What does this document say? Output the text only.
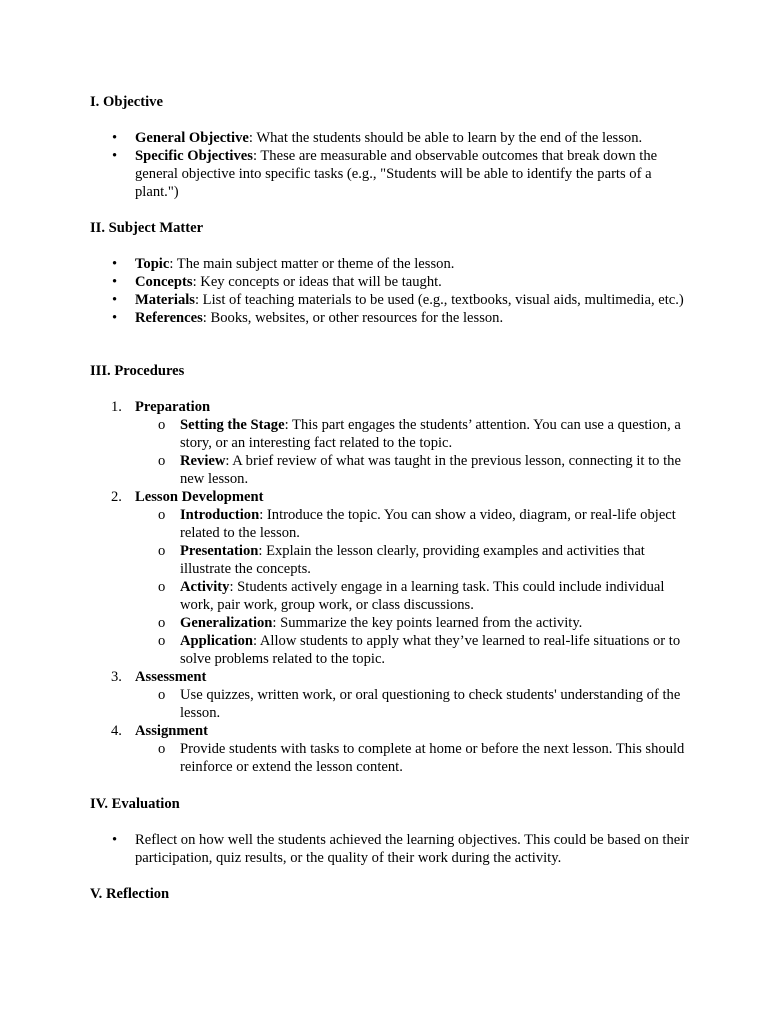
I. Objective
• General Objective: What the students should be able to learn by the end of the lesson.
• Specific Objectives: These are measurable and observable outcomes that break down the general objective into specific tasks (e.g., "Students will be able to identify the parts of a plant.")
II. Subject Matter
• Topic: The main subject matter or theme of the lesson.
• Concepts: Key concepts or ideas that will be taught.
• Materials: List of teaching materials to be used (e.g., textbooks, visual aids, multimedia, etc.)
• References: Books, websites, or other resources for the lesson.
III. Procedures
1. Preparation
o Setting the Stage: This part engages the students’ attention. You can use a question, a story, or an interesting fact related to the topic.
o Review: A brief review of what was taught in the previous lesson, connecting it to the new lesson.
2. Lesson Development
o Introduction: Introduce the topic. You can show a video, diagram, or real-life object related to the lesson.
o Presentation: Explain the lesson clearly, providing examples and activities that illustrate the concepts.
o Activity: Students actively engage in a learning task. This could include individual work, pair work, group work, or class discussions.
o Generalization: Summarize the key points learned from the activity.
o Application: Allow students to apply what they’ve learned to real-life situations or to solve problems related to the topic.
3. Assessment
o Use quizzes, written work, or oral questioning to check students' understanding of the lesson.
4. Assignment
o Provide students with tasks to complete at home or before the next lesson. This should reinforce or extend the lesson content.
IV. Evaluation
• Reflect on how well the students achieved the learning objectives. This could be based on their participation, quiz results, or the quality of their work during the activity.
V. Reflection
